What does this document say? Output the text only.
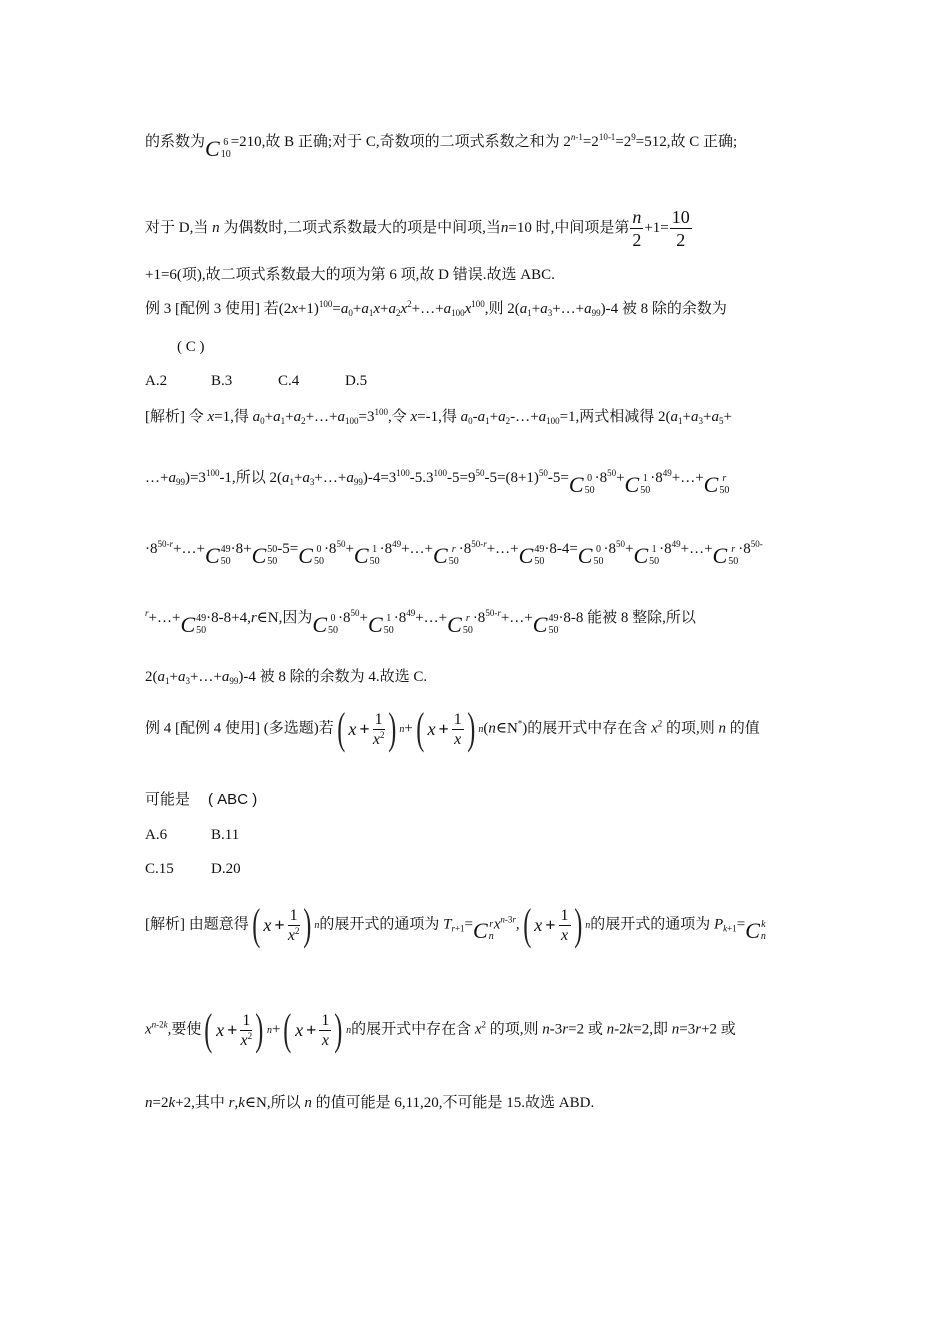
的系数为 C 6
10
=210,故 B 正确;对于 C,奇数项的二项式系数之和为 $2^{n-1}=2^{10-1}=2^9=512$,故 C 正确;
对于 D,当 n 为偶数时,二项式系数最大的项是中间项,当n=10 时,中间项是第 $\frac{n}{2} +1= \frac{10}{2}$
+1=6(项),故二项式系数最大的项为第 6 项,故 D 错误.故选 ABC.
例 3 [配例 3 使用] 若$(2x+1)^{100}=a_0+a_1x+a_2x^2+\dots+a_{100}x^{100}$,则 $2(a_1+a_3+\dots+a_{99})-4$ 被 8 除的余数为
( C )
A.2	B.3	C.4	D.5
[解析] 令 x=1,得 $a_0+a_1+a_2+\dots+a_{100}=3^{100}$,令 x=-1,得 $a_0-a_1+a_2-\dots+a_{100}=1$,两式相减得 $2(a_1+a_3+a_5+$
$\dots+a_{99})=3^{100}-1$,所以 $2(a_1+a_3+\dots+a_{99})-4=3^{100}-5.3^{100}-5=9^{50}-5=(8+1)^{50}-5= C$ 0
50
$\cdot 8^{50}+ C$ 1
50
$\cdot 8^{49}+\dots+ C$ r
50
$\cdot 8^{50-r}+\dots+ C$ 49
50
·8+ C 50
50
-5= C 0
50
$\cdot 8^{50}+ C$ 1
50
$\cdot 8^{49}+\dots+ C$ r
50
$\cdot 8^{50-r}+\dots+ C$ 49
50
·8-4= C 0
50
$\cdot 8^{50}+ C$ 1
50
$\cdot 8^{49}+\dots+ C$ r
50
$\cdot 8^{50-}$
$^r$+…+ C 49
50
·8-8+4,r∈N,因为 C 0
50
$\cdot 8^{50}+ C$ 1
50
$\cdot 8^{49}+\dots+ C$ r
50
$\cdot 8^{50-r}+\dots+ C$ 49
50
·8-8 能被 8 整除,所以
$2(a_1+a_3+\dots+a_{99})-4$ 被 8 除的余数为 4.故选 C.
例 4 [配例 4 使用] (多选题)若 ( $x + \frac{1}{x^2}$ ) n + ( $x + \frac{1}{x}$ ) n (n∈N*)的展开式中存在含 $x^2$ 的项,则 n 的值
可能是 ( ABC )
A.6	B.11
C.15 D.20
[解析] 由题意得 ( $x + \frac{1}{x^2}$ ) n 的展开式的通项为 $T_{r+1}= C$ r
n
$x^{n-3r}$, ( $x + \frac{1}{x}$ ) n 的展开式的通项为 $P_{k+1}= C$ k
n
$x^{n-2k}$,要使 ( $x + \frac{1}{x^2}$ ) n + ( $x + \frac{1}{x}$ ) n 的展开式中存在含 $x^2$ 的项,则 n-3r=2 或 n-2k=2,即 n=3r+2 或
n=2k+2,其中 r,k∈N,所以 n 的值可能是 6,11,20,不可能是 15.故选 ABD.
